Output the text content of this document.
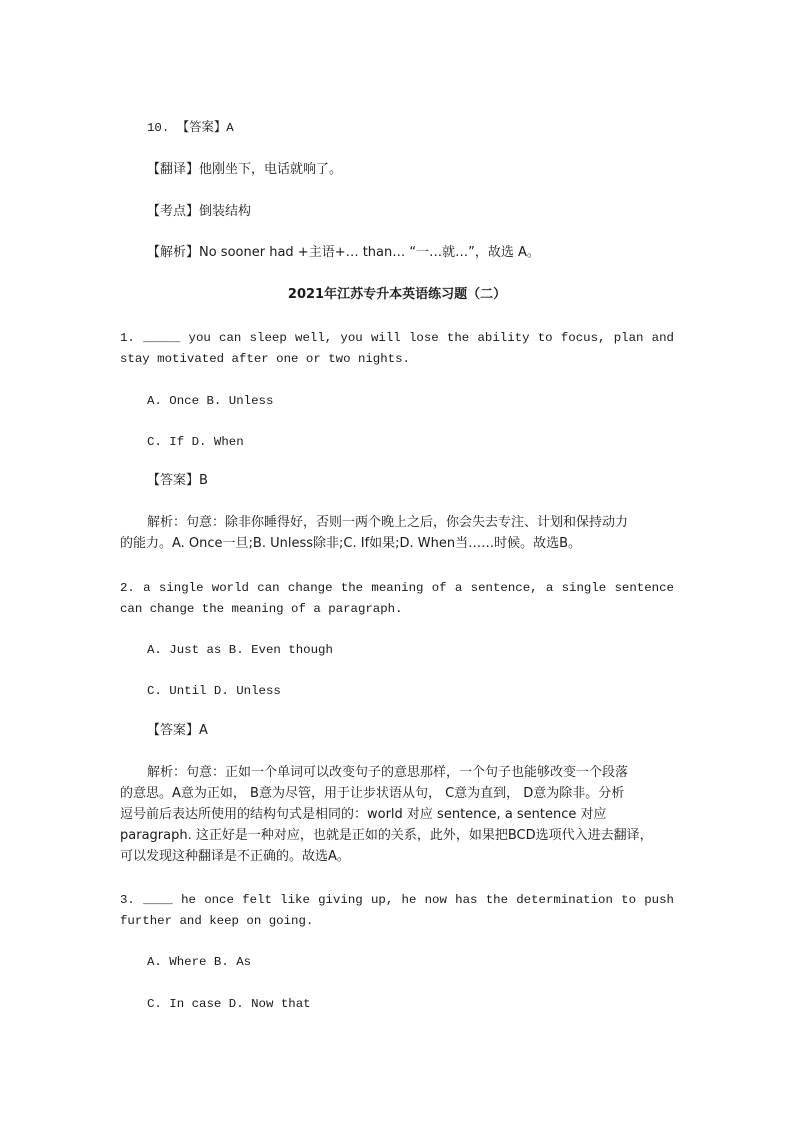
10. 【答案】A
【翻译】他刚坐下，电话就响了。
【考点】倒装结构
【解析】No sooner had +主语+… than… “一…就…”，故选 A。
2021年江苏专升本英语练习题（二）
1. _____ you can sleep well, you will lose the ability to focus, plan and
stay motivated after one or two nights.
A. Once B. Unless
C. If D. When
【答案】B
解析：句意：除非你睡得好，否则一两个晚上之后，你会失去专注、计划和保持动力
的能力。A. Once一旦;B. Unless除非;C. If如果;D. When当……时候。故选B。
2. a single world can change the meaning of a sentence, a single sentence
can change the meaning of a paragraph.
A. Just as B. Even though
C. Until D. Unless
【答案】A
解析：句意：正如一个单词可以改变句子的意思那样，一个句子也能够改变一个段落
的意思。A意为正如， B意为尽管，用于让步状语从句， C意为直到， D意为除非。分析
逗号前后表达所使用的结构句式是相同的：world 对应 sentence, a sentence 对应
paragraph. 这正好是一种对应，也就是正如的关系，此外，如果把BCD选项代入进去翻译，
可以发现这种翻译是不正确的。故选A。
3. ____ he once felt like giving up, he now has the determination to push
further and keep on going.
A. Where B. As
C. In case D. Now that
